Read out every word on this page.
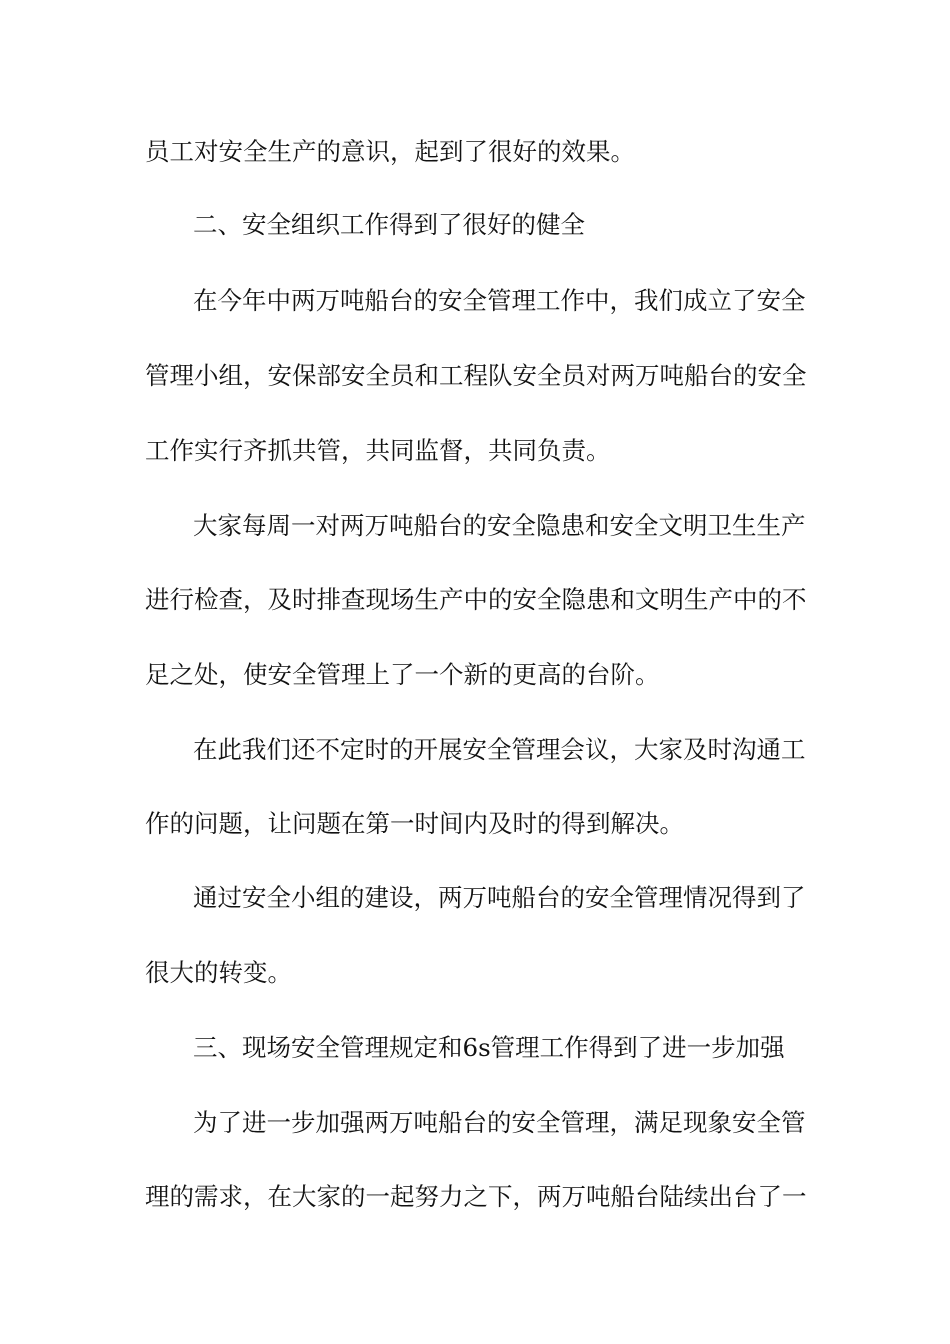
员工对安全生产的意识，起到了很好的效果。

二、安全组织工作得到了很好的健全

在今年中两万吨船台的安全管理工作中，我们成立了安全

管理小组，安保部安全员和工程队安全员对两万吨船台的安全

工作实行齐抓共管，共同监督，共同负责。

大家每周一对两万吨船台的安全隐患和安全文明卫生生产

进行检查，及时排查现场生产中的安全隐患和文明生产中的不

足之处，使安全管理上了一个新的更高的台阶。

在此我们还不定时的开展安全管理会议，大家及时沟通工

作的问题，让问题在第一时间内及时的得到解决。

通过安全小组的建设，两万吨船台的安全管理情况得到了

很大的转变。

三、现场安全管理规定和6s管理工作得到了进一步加强

为了进一步加强两万吨船台的安全管理，满足现象安全管

理的需求，在大家的一起努力之下，两万吨船台陆续出台了一
